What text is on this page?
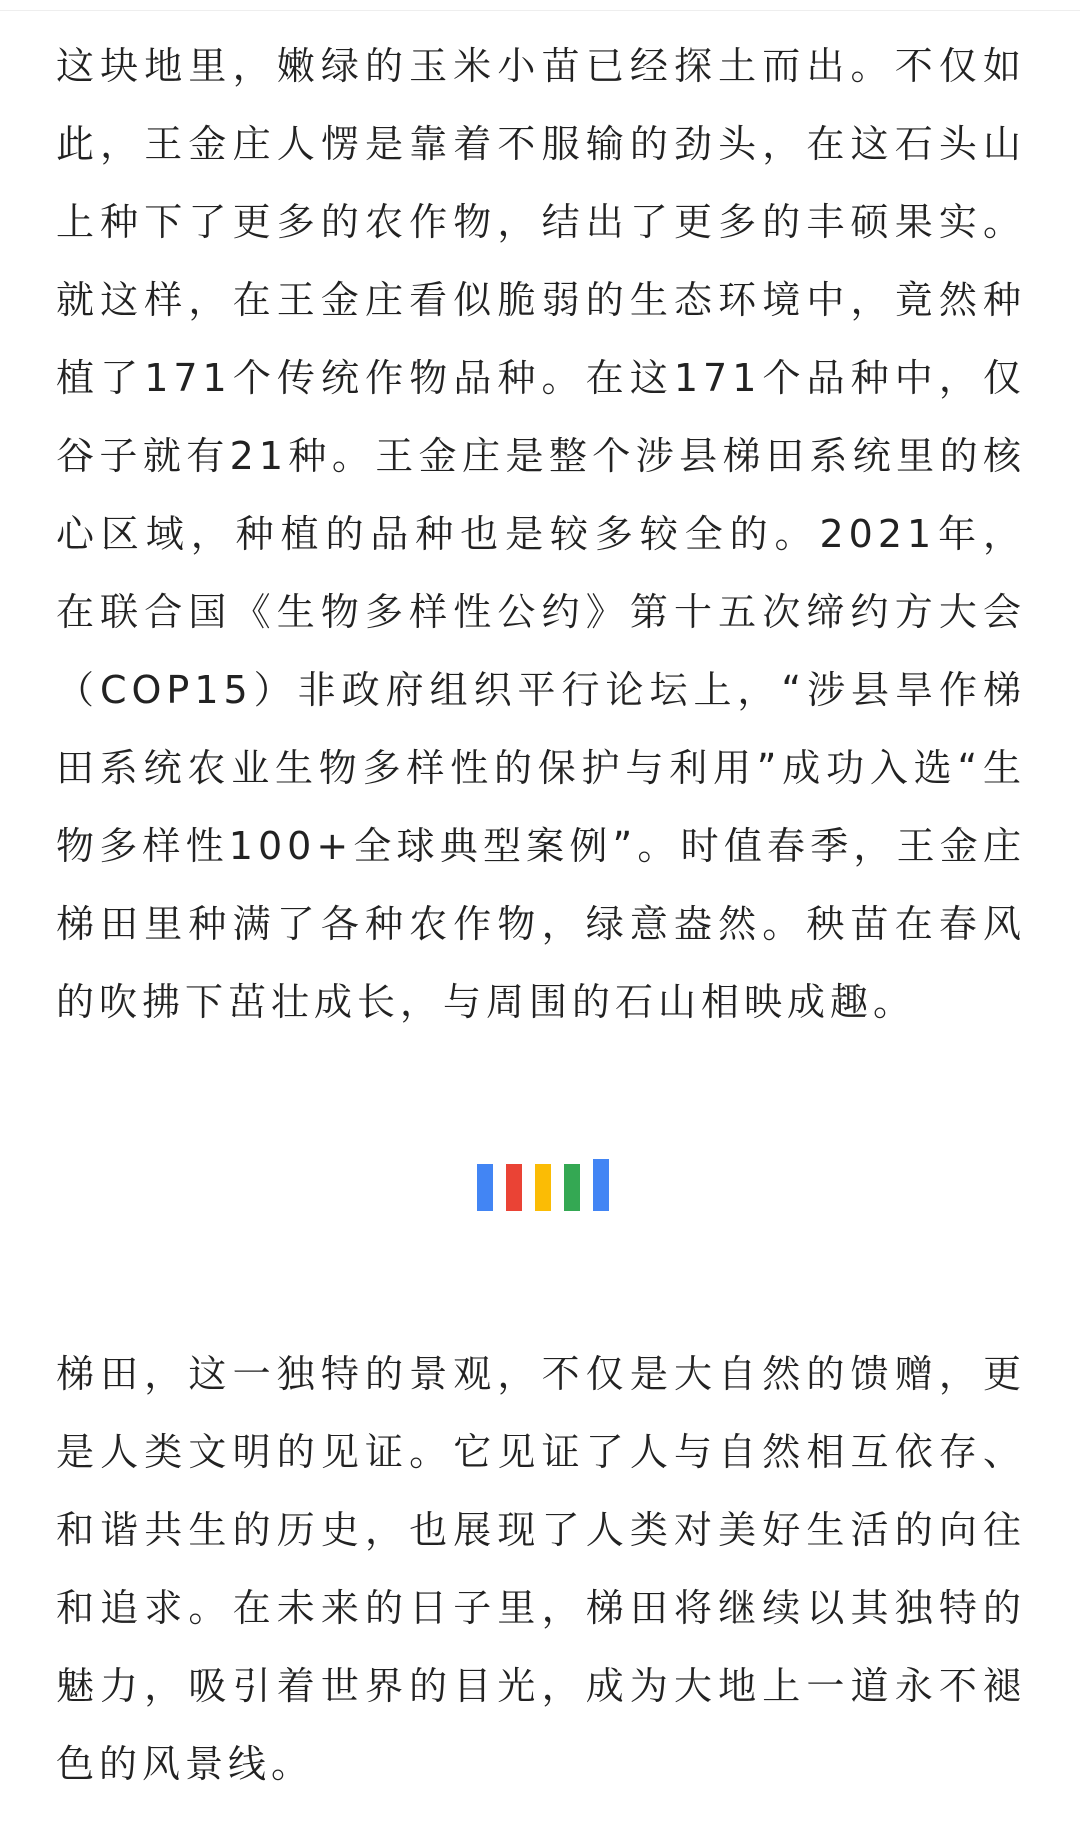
这块地里，嫩绿的玉米小苗已经探土而出。不仅如此，王金庄人愣是靠着不服输的劲头，在这石头山上种下了更多的农作物，结出了更多的丰硕果实。就这样，在王金庄看似脆弱的生态环境中，竟然种植了171个传统作物品种。在这171个品种中，仅谷子就有21种。王金庄是整个涉县梯田系统里的核心区域，种植的品种也是较多较全的。2021年，在联合国《生物多样性公约》第十五次缔约方大会（COP15）非政府组织平行论坛上，“涉县旱作梯田系统农业生物多样性的保护与利用”成功入选“生物多样性100+全球典型案例”。时值春季，王金庄梯田里种满了各种农作物，绿意盎然。秧苗在春风的吹拂下茁壮成长，与周围的石山相映成趣。

梯田，这一独特的景观，不仅是大自然的馈赠，更是人类文明的见证。它见证了人与自然相互依存、和谐共生的历史，也展现了人类对美好生活的向往和追求。在未来的日子里，梯田将继续以其独特的魅力，吸引着世界的目光，成为大地上一道永不褪色的风景线。
